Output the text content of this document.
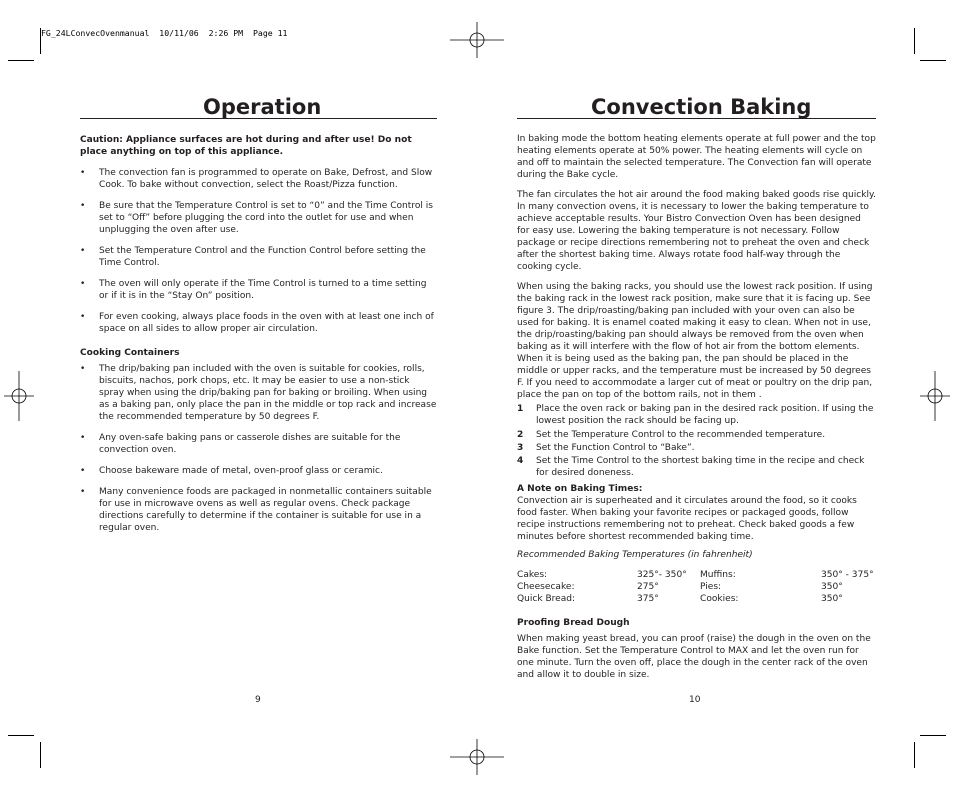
FG_24LConvecOvenmanual  10/11/06  2:26 PM  Page 11
Operation

Caution: Appliance surfaces are hot during and after use! Do not place anything on top of this appliance.

• The convection fan is programmed to operate on Bake, Defrost, and Slow Cook. To bake without convection, select the Roast/Pizza function.
• Be sure that the Temperature Control is set to “0” and the Time Control is set to “Off” before plugging the cord into the outlet for use and when unplugging the oven after use.
• Set the Temperature Control and the Function Control before setting the Time Control.
• The oven will only operate if the Time Control is turned to a time setting or if it is in the “Stay On” position.
• For even cooking, always place foods in the oven with at least one inch of space on all sides to allow proper air circulation.
Cooking Containers
• The drip/baking pan included with the oven is suitable for cookies, rolls, biscuits, nachos, pork chops, etc. It may be easier to use a non-stick spray when using the drip/baking pan for baking or broiling. When using as a baking pan, only place the pan in the middle or top rack and increase the recommended temperature by 50 degrees F.
• Any oven-safe baking pans or casserole dishes are suitable for the convection oven.
• Choose bakeware made of metal, oven-proof glass or ceramic.
• Many convenience foods are packaged in nonmetallic containers suitable for use in microwave ovens as well as regular ovens. Check package directions carefully to determine if the container is suitable for use in a regular oven.
9
Convection Baking

In baking mode the bottom heating elements operate at full power and the top heating elements operate at 50% power. The heating elements will cycle on and off to maintain the selected temperature. The Convection fan will operate during the Bake cycle.

The fan circulates the hot air around the food making baked goods rise quickly. In many convection ovens, it is necessary to lower the baking temperature to achieve acceptable results. Your Bistro Convection Oven has been designed for easy use. Lowering the baking temperature is not necessary. Follow package or recipe directions remembering not to preheat the oven and check after the shortest baking time. Always rotate food half-way through the cooking cycle.

When using the baking racks, you should use the lowest rack position. If using the baking rack in the lowest rack position, make sure that it is facing up. See figure 3. The drip/roasting/baking pan included with your oven can also be used for baking. It is enamel coated making it easy to clean. When not in use, the drip/roasting/baking pan should always be removed from the oven when baking as it will interfere with the flow of hot air from the bottom elements. When it is being used as the baking pan, the pan should be placed in the middle or upper racks, and the temperature must be increased by 50 degrees F. If you need to accommodate a larger cut of meat or poultry on the drip pan, place the pan on top of the bottom rails, not in them .

1 Place the oven rack or baking pan in the desired rack position. If using the lowest position the rack should be facing up.
2 Set the Temperature Control to the recommended temperature.
3 Set the Function Control to “Bake”.
4 Set the Time Control to the shortest baking time in the recipe and check for desired doneness.
A Note on Baking Times:

Convection air is superheated and it circulates around the food, so it cooks food faster. When baking your favorite recipes or packaged goods, follow recipe instructions remembering not to preheat. Check baked goods a few minutes before shortest recommended baking time.

Recommended Baking Temperatures (in fahrenheit)

Cakes:	325°- 350°	Muffins:	350° - 375°
Cheesecake:	275°	Pies:	350°
Quick Bread:	375°	Cookies:	350°
Proofing Bread Dough

When making yeast bread, you can proof (raise) the dough in the oven on the Bake function. Set the Temperature Control to MAX and let the oven run for one minute. Turn the oven off, place the dough in the center rack of the oven and allow it to double in size.

10
